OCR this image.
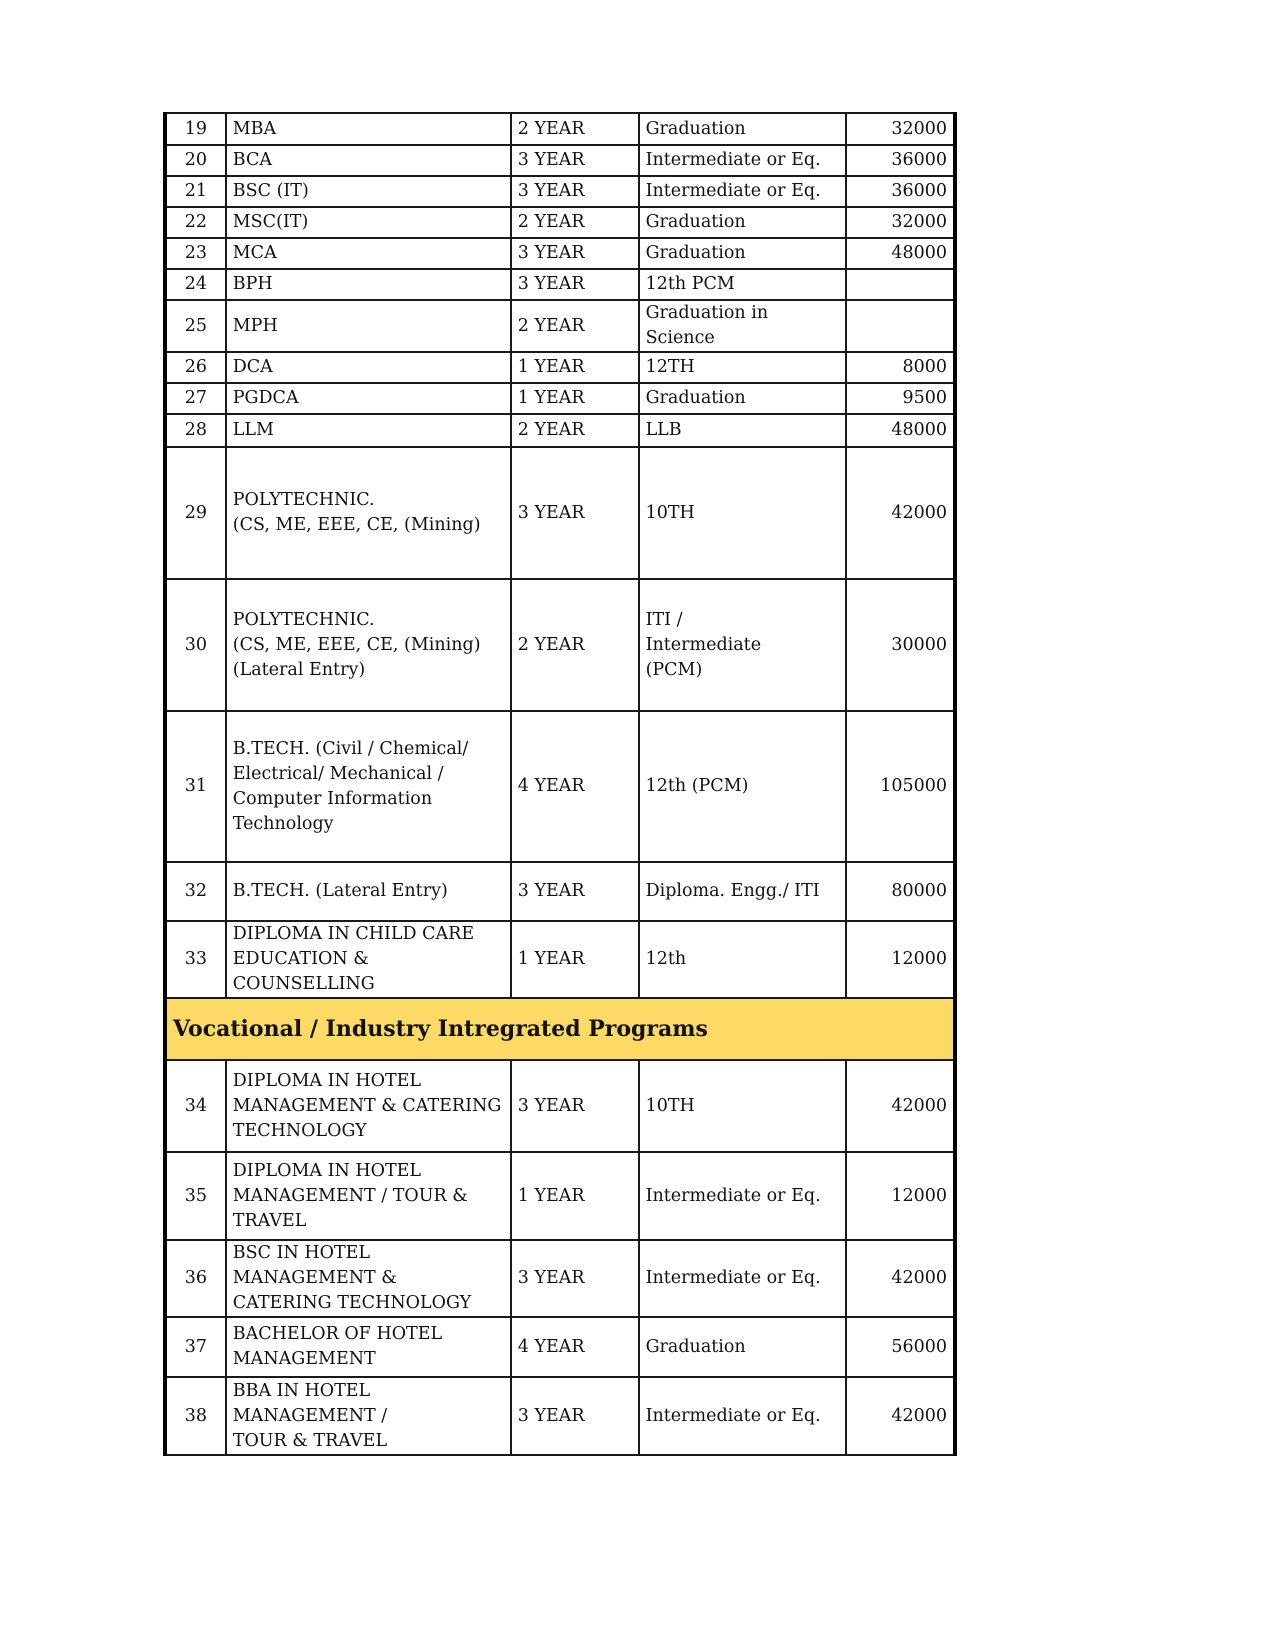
19	MBA	2 YEAR	Graduation	32000
20	BCA	3 YEAR	Intermediate or Eq.	36000
21	BSC (IT)	3 YEAR	Intermediate or Eq.	36000
22	MSC(IT)	2 YEAR	Graduation	32000
23	MCA	3 YEAR	Graduation	48000
24	BPH	3 YEAR	12th PCM	
25	MPH	2 YEAR	Graduation in Science	
26	DCA	1 YEAR	12TH	8000
27	PGDCA	1 YEAR	Graduation	9500
28	LLM	2 YEAR	LLB	48000
29	POLYTECHNIC.
(CS, ME, EEE, CE, (Mining)	3 YEAR	10TH	42000
30	POLYTECHNIC.
(CS, ME, EEE, CE, (Mining)
(Lateral Entry)	2 YEAR	ITI /
Intermediate
(PCM)	30000
31	B.TECH. (Civil / Chemical/
Electrical/ Mechanical /
Computer Information
Technology	4 YEAR	12th (PCM)	105000
32	B.TECH. (Lateral Entry)	3 YEAR	Diploma. Engg./ ITI	80000
33	DIPLOMA IN CHILD CARE
EDUCATION & COUNSELLING	1 YEAR	12th	12000
Vocational / Industry Intregrated Programs				
34	DIPLOMA IN HOTEL
MANAGEMENT & CATERING
TECHNOLOGY	3 YEAR	10TH	42000
35	DIPLOMA IN HOTEL
MANAGEMENT / TOUR &
TRAVEL	1 YEAR	Intermediate or Eq.	12000
36	BSC IN HOTEL MANAGEMENT &
CATERING TECHNOLOGY	3 YEAR	Intermediate or Eq.	42000
37	BACHELOR OF HOTEL
MANAGEMENT	4 YEAR	Graduation	56000
38	BBA IN HOTEL MANAGEMENT /
TOUR & TRAVEL	3 YEAR	Intermediate or Eq.	42000
